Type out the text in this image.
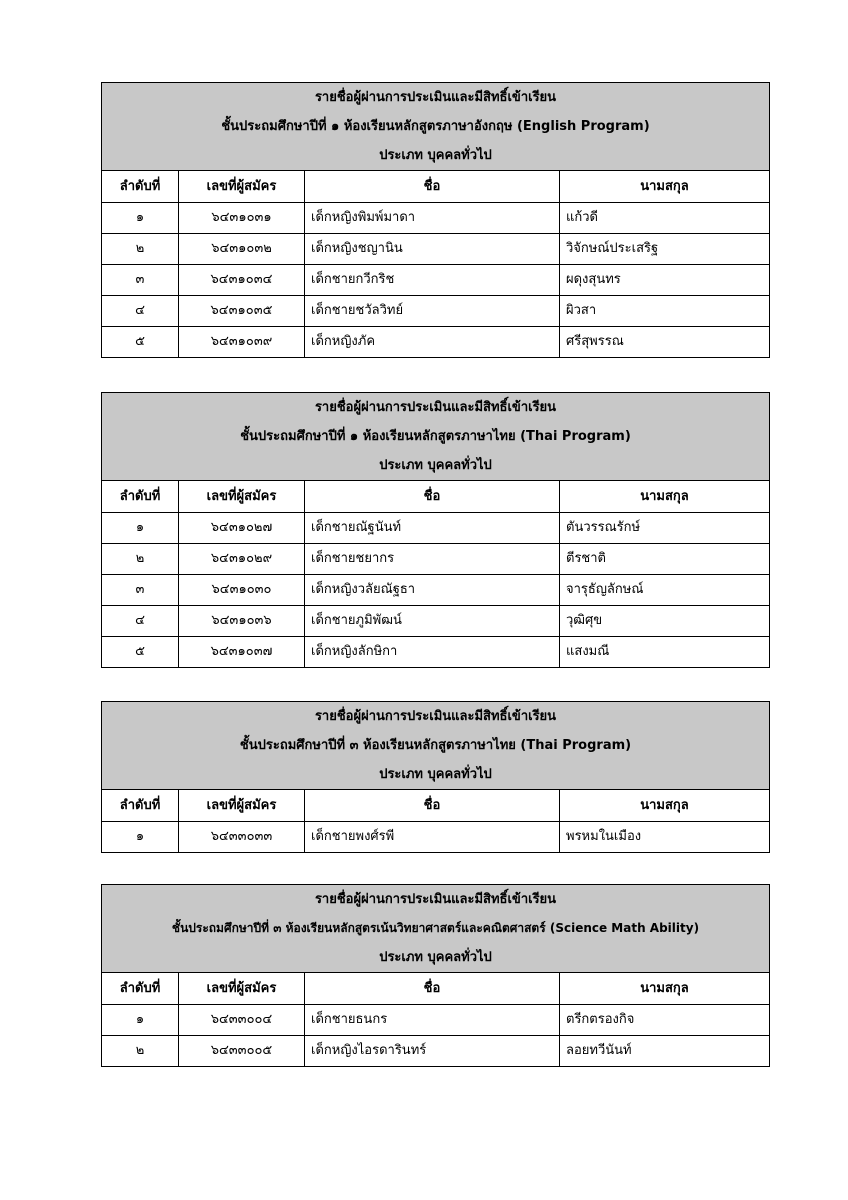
รายชื่อผู้ผ่านการประเมินและมีสิทธิ์เข้าเรียน			
ชั้นประถมศึกษาปีที่ ๑ ห้องเรียนหลักสูตรภาษาอังกฤษ (English Program)			
ประเภท บุคคลทั่วไป			
ลำดับที่	เลขที่ผู้สมัคร	ชื่อ	นามสกุล
๑	๖๔๓๑๐๓๑	เด็กหญิงพิมพ์มาดา	แก้วดี
๒	๖๔๓๑๐๓๒	เด็กหญิงชญานิน	วิจักษณ์ประเสริฐ
๓	๖๔๓๑๐๓๔	เด็กชายกวีกริช	ผดุงสุนทร
๔	๖๔๓๑๐๓๕	เด็กชายชวัลวิทย์	ผิวสา
๕	๖๔๓๑๐๓๙	เด็กหญิงภัค	ศรีสุพรรณ
รายชื่อผู้ผ่านการประเมินและมีสิทธิ์เข้าเรียน			
ชั้นประถมศึกษาปีที่ ๑ ห้องเรียนหลักสูตรภาษาไทย (Thai Program)			
ประเภท บุคคลทั่วไป			
ลำดับที่	เลขที่ผู้สมัคร	ชื่อ	นามสกุล
๑	๖๔๓๑๐๒๗	เด็กชายณัฐนันท์	ตันวรรณรักษ์
๒	๖๔๓๑๐๒๙	เด็กชายชยากร	ตีรชาติ
๓	๖๔๓๑๐๓๐	เด็กหญิงวลัยณัฐธา	จารุธัญลักษณ์
๔	๖๔๓๑๐๓๖	เด็กชายภูมิพัฒน์	วุฒิศุข
๕	๖๔๓๑๐๓๗	เด็กหญิงลักษิกา	แสงมณี
รายชื่อผู้ผ่านการประเมินและมีสิทธิ์เข้าเรียน			
ชั้นประถมศึกษาปีที่ ๓ ห้องเรียนหลักสูตรภาษาไทย (Thai Program)			
ประเภท บุคคลทั่วไป			
ลำดับที่	เลขที่ผู้สมัคร	ชื่อ	นามสกุล
๑	๖๔๓๓๐๓๓	เด็กชายพงศ์รพี	พรหมในเมือง
รายชื่อผู้ผ่านการประเมินและมีสิทธิ์เข้าเรียน			
ชั้นประถมศึกษาปีที่ ๓ ห้องเรียนหลักสูตรเน้นวิทยาศาสตร์และคณิตศาสตร์ (Science Math Ability)			
ประเภท บุคคลทั่วไป			
ลำดับที่	เลขที่ผู้สมัคร	ชื่อ	นามสกุล
๑	๖๔๓๓๐๐๔	เด็กชายธนกร	ตรีกตรองกิจ
๒	๖๔๓๓๐๐๕	เด็กหญิงไอรดารินทร์	ลอยทวีนันท์
